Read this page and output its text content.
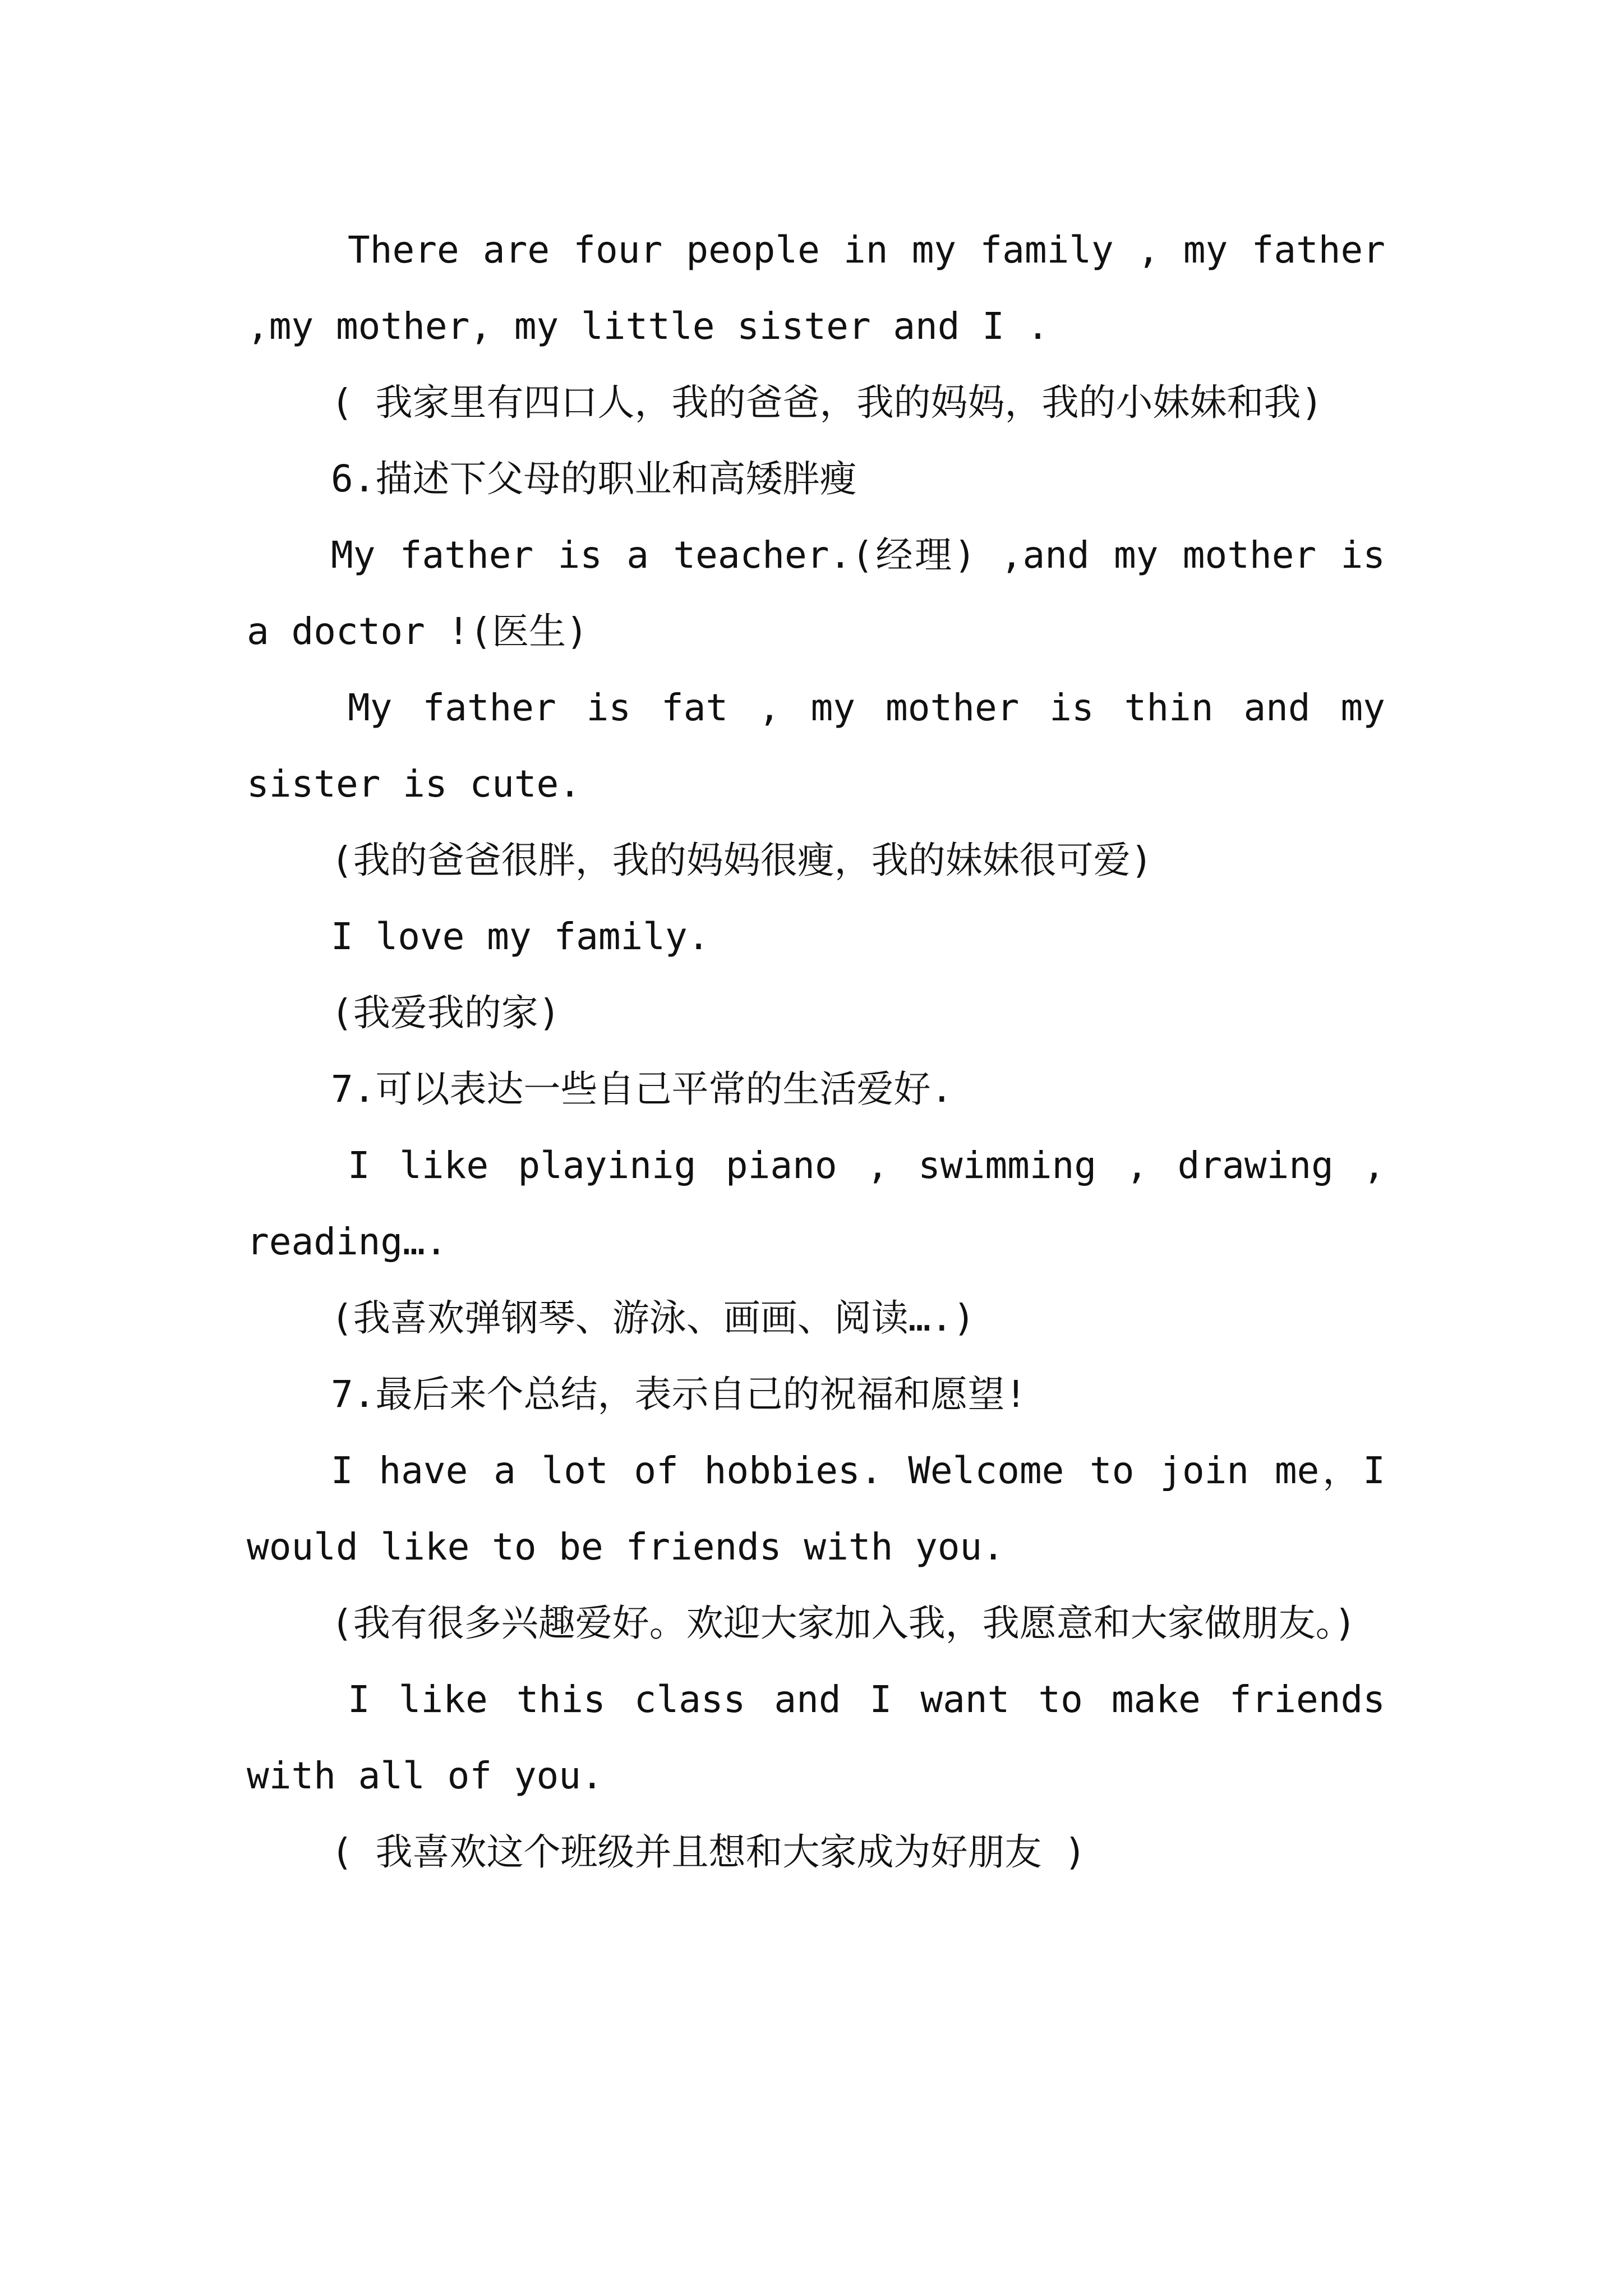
There are four people in my family , my father ,my mother, my little sister and I .

( 我家里有四口人，我的爸爸，我的妈妈，我的小妹妹和我)

6.描述下父母的职业和高矮胖瘦

My father is a teacher.(经理) ,and my mother is a doctor !(医生)

My father is fat , my mother is thin and my sister is cute.

(我的爸爸很胖，我的妈妈很瘦，我的妹妹很可爱)

I love my family.

(我爱我的家)

7.可以表达一些自己平常的生活爱好.

I like playinig piano , swimming , drawing , reading….

(我喜欢弹钢琴、游泳、画画、阅读….)

7.最后来个总结，表示自己的祝福和愿望!

I have a lot of hobbies. Welcome to join me，I would like to be friends with you.

(我有很多兴趣爱好。欢迎大家加入我，我愿意和大家做朋友。)

I like this class and I want to make friends with all of you.

( 我喜欢这个班级并且想和大家成为好朋友 )
